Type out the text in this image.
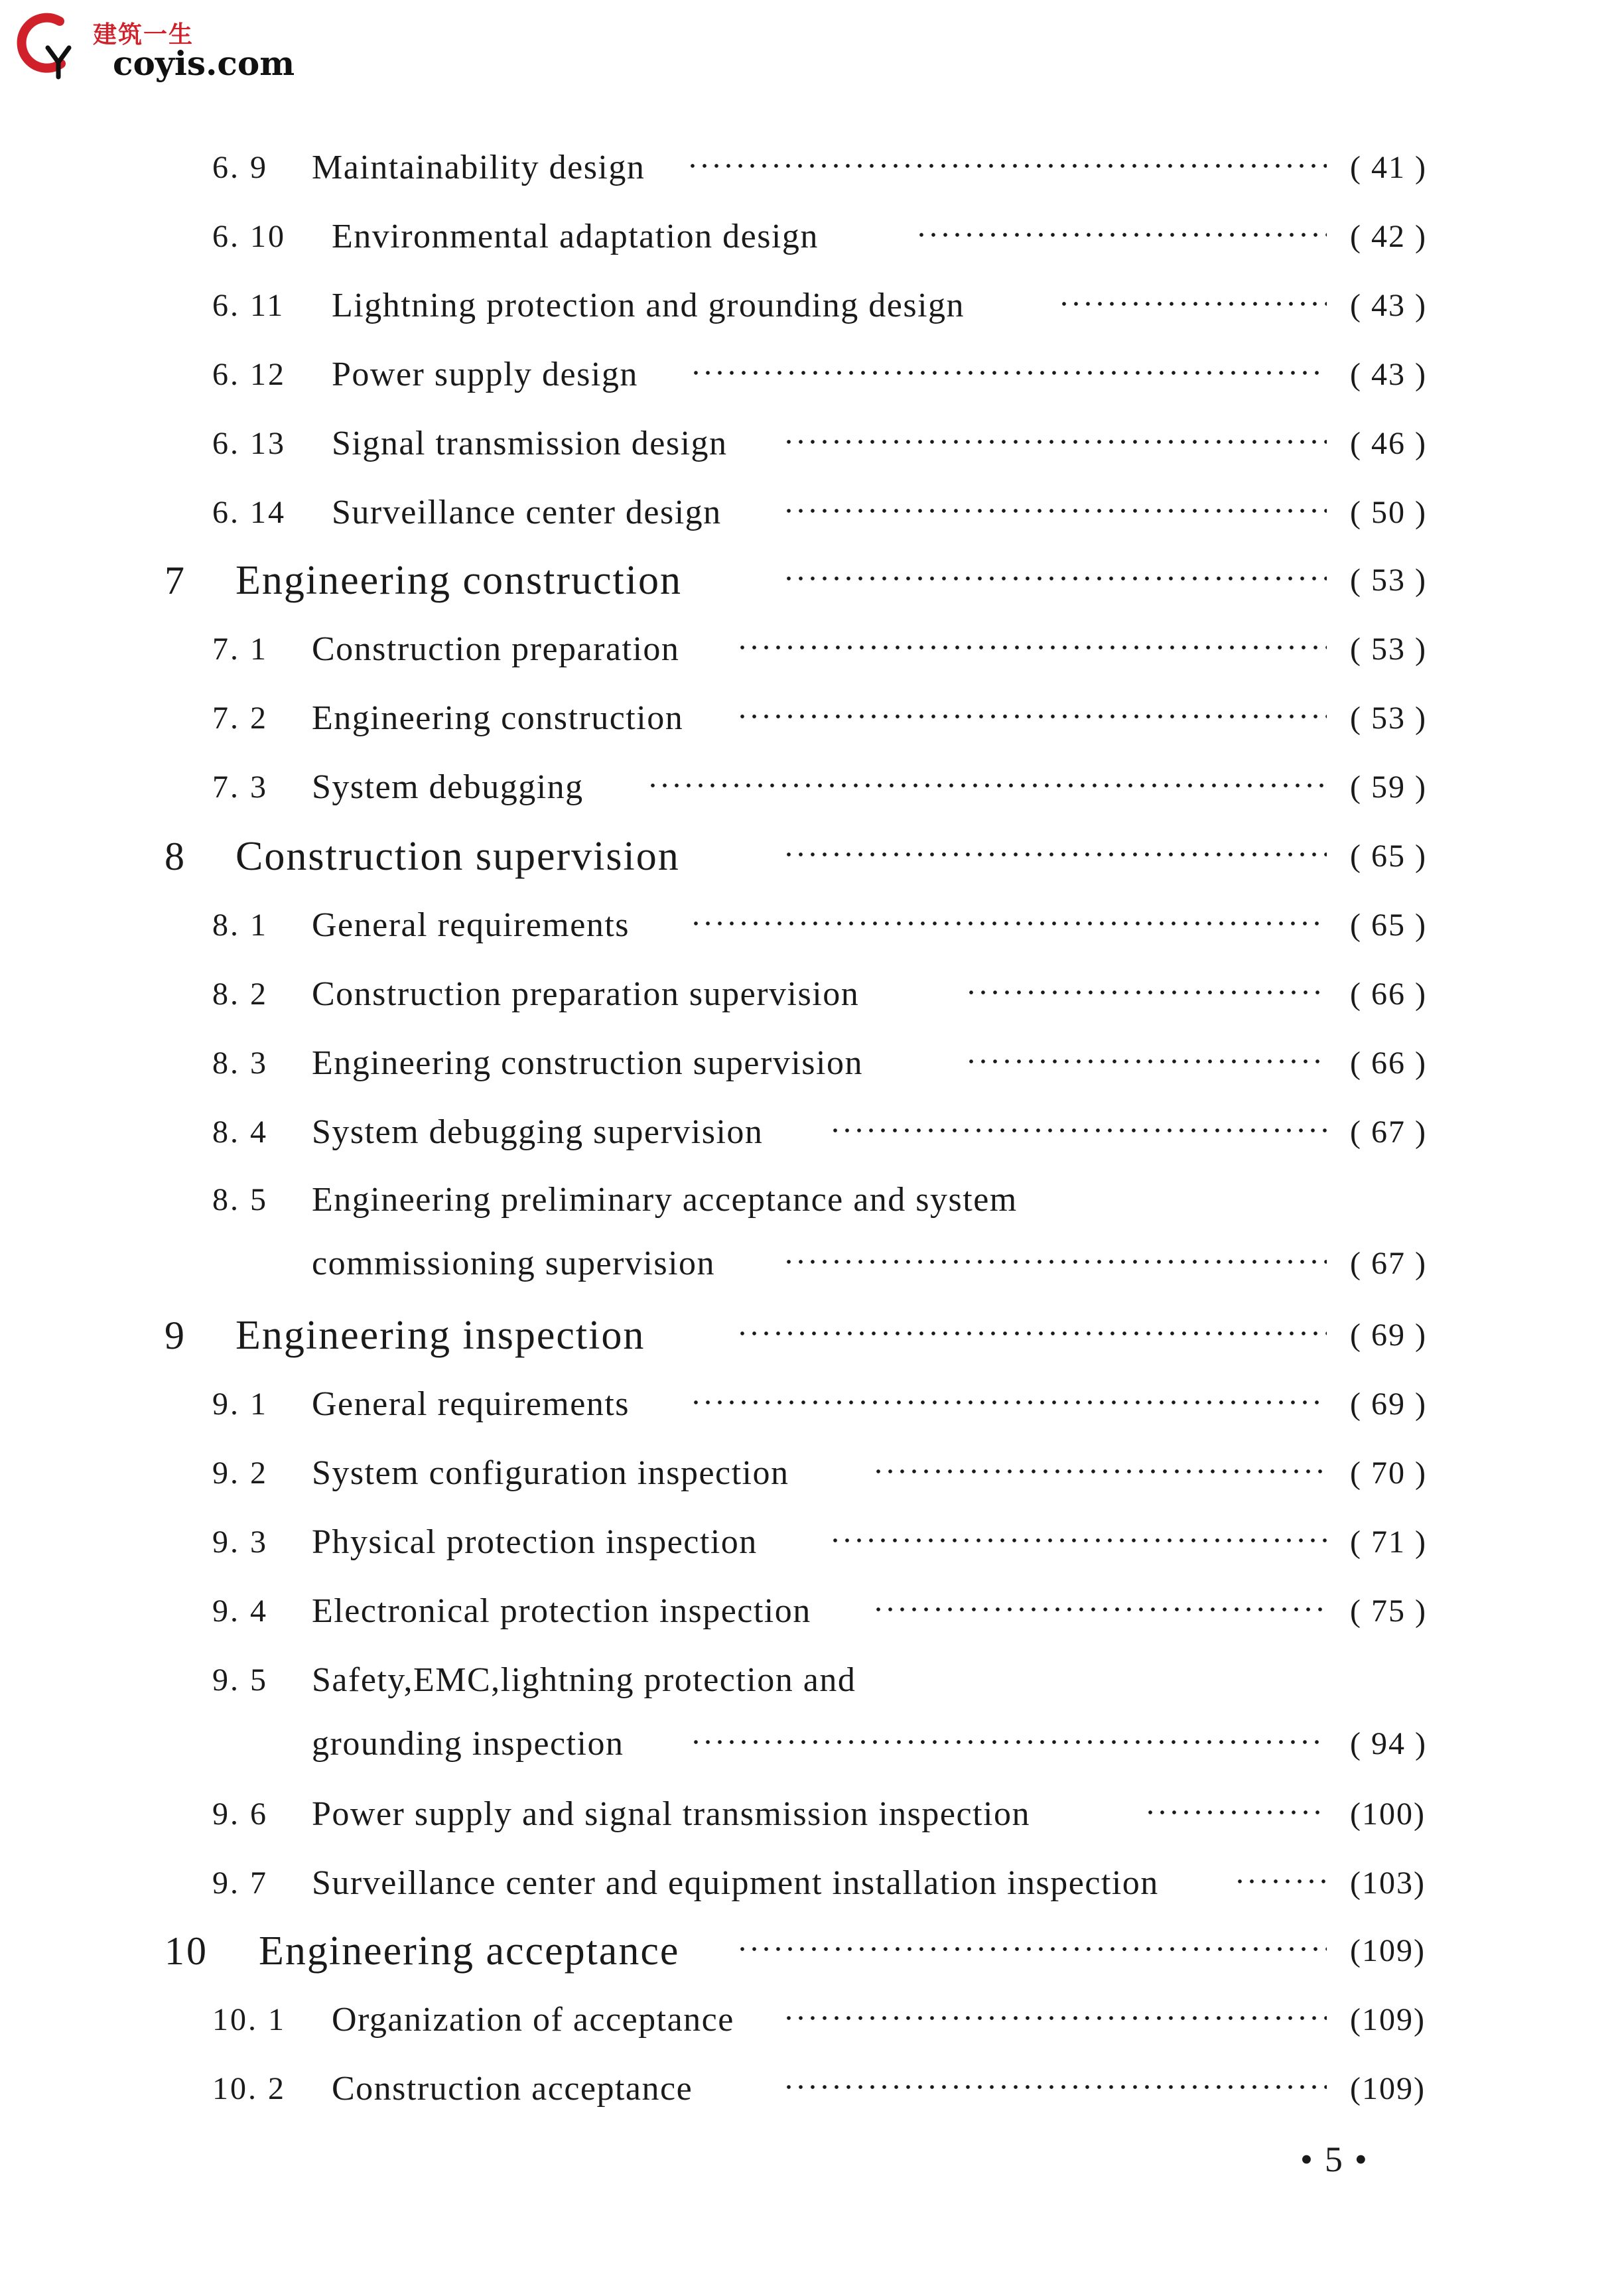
建筑一生
coyis.com
6. 9 Maintainability design	( 41 )
6. 10 Environmental adaptation design	( 42 )
6. 11 Lightning protection and grounding design	( 43 )
6. 12 Power supply design	( 43 )
6. 13 Signal transmission design	( 46 )
6. 14 Surveillance center design	( 50 )
7 Engineering construction	( 53 )
7. 1 Construction preparation	( 53 )
7. 2 Engineering construction	( 53 )
7. 3 System debugging	( 59 )
8 Construction supervision	( 65 )
8. 1 General requirements	( 65 )
8. 2 Construction preparation supervision	( 66 )
8. 3 Engineering construction supervision	( 66 )
8. 4 System debugging supervision	( 67 )
8. 5 Engineering preliminary acceptance and system
commissioning supervision	( 67 )
9 Engineering inspection	( 69 )
9. 1 General requirements	( 69 )
9. 2 System configuration inspection	( 70 )
9. 3 Physical protection inspection	( 71 )
9. 4 Electronical protection inspection	( 75 )
9. 5 Safety,EMC,lightning protection and
grounding inspection	( 94 )
9. 6 Power supply and signal transmission inspection	(100)
9. 7 Surveillance center and equipment installation inspection	(103)
10 Engineering acceptance	(109)
10. 1 Organization of acceptance	(109)
10. 2 Construction acceptance	(109)
•5•
